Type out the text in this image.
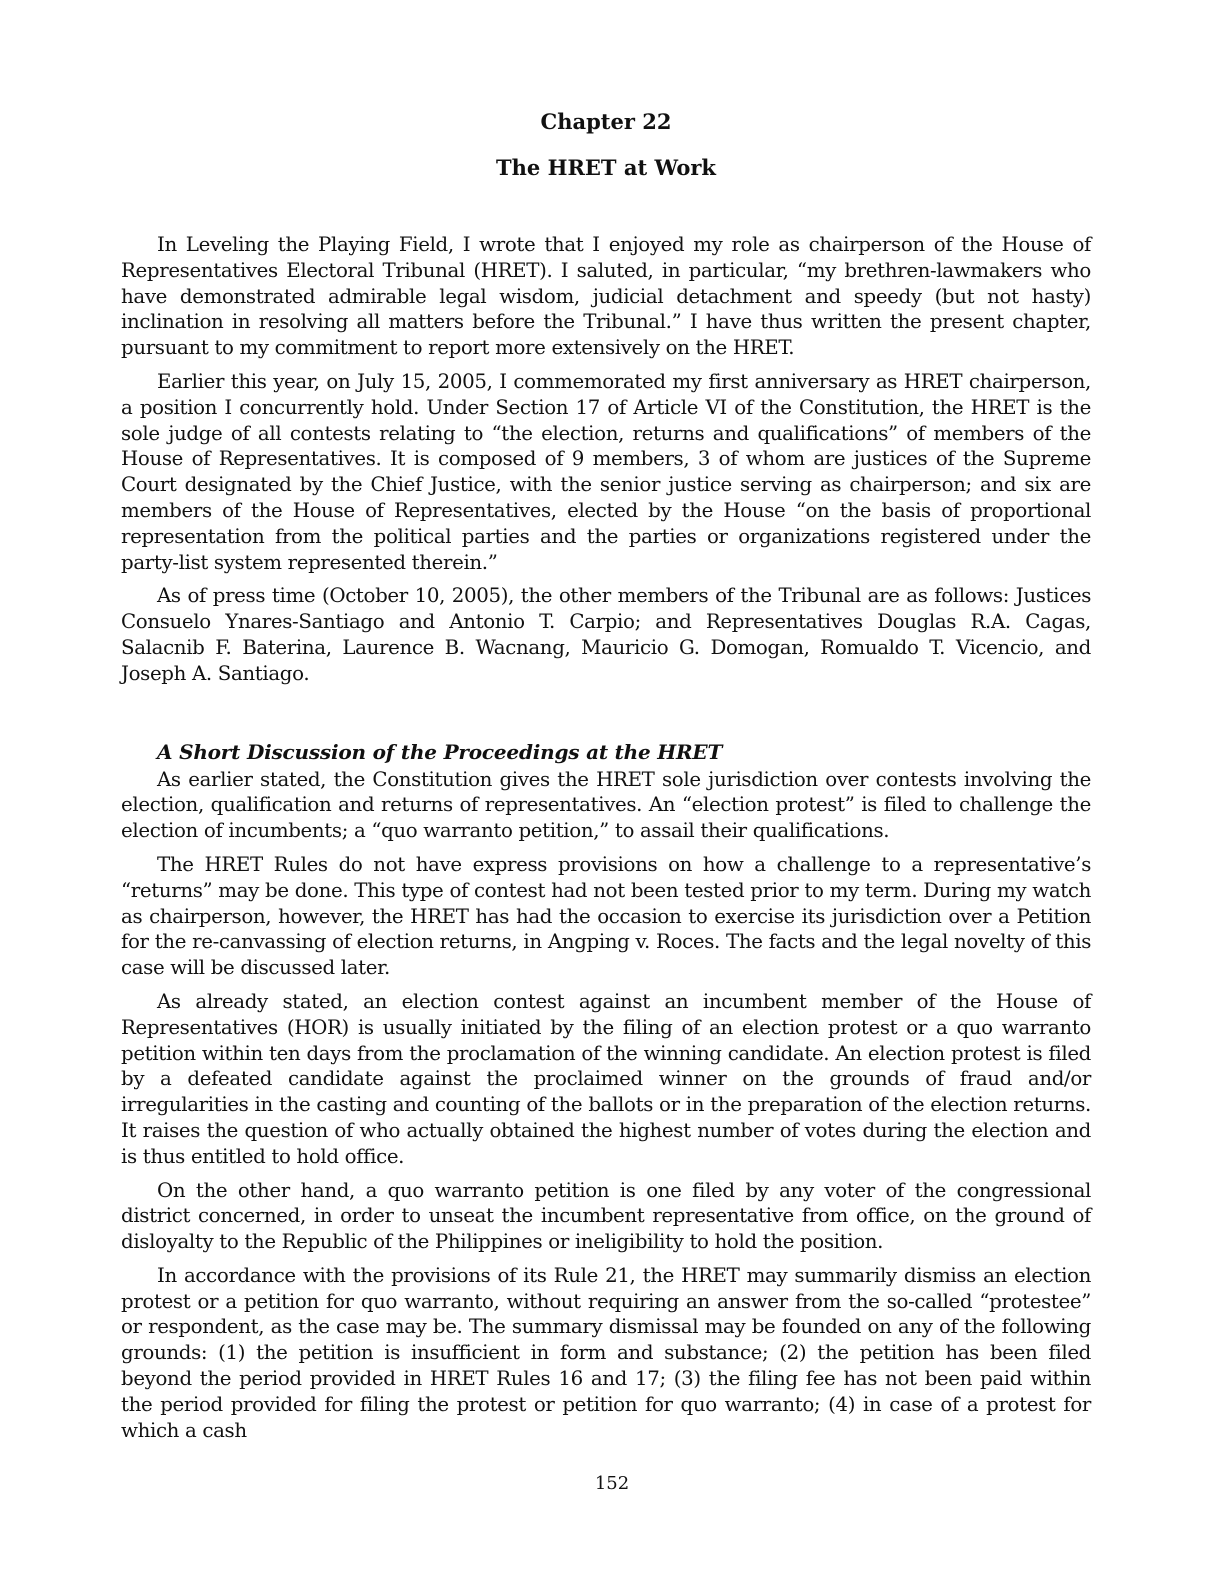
Chapter 22
The HRET at Work

In Leveling the Playing Field, I wrote that I enjoyed my role as chairperson of the House of Representatives Electoral Tribunal (HRET). I saluted, in particular, “my brethren-lawmakers who have demonstrated admirable legal wisdom, judicial detachment and speedy (but not hasty) inclination in resolving all matters before the Tribunal.” I have thus written the present chapter, pursuant to my commitment to report more extensively on the HRET.

Earlier this year, on July 15, 2005, I commemorated my first anniversary as HRET chairperson, a position I concurrently hold. Under Section 17 of Article VI of the Constitution, the HRET is the sole judge of all contests relating to “the election, returns and qualifications” of members of the House of Representatives. It is composed of 9 members, 3 of whom are justices of the Supreme Court designated by the Chief Justice, with the senior justice serving as chairperson; and six are members of the House of Representatives, elected by the House “on the basis of proportional representation from the political parties and the parties or organizations registered under the party-list system represented therein.”

As of press time (October 10, 2005), the other members of the Tribunal are as follows: Justices Consuelo Ynares-Santiago and Antonio T. Carpio; and Representatives Douglas R.A. Cagas, Salacnib F. Baterina, Laurence B. Wacnang, Mauricio G. Domogan, Romualdo T. Vicencio, and Joseph A. Santiago.

A Short Discussion of the Proceedings at the HRET

As earlier stated, the Constitution gives the HRET sole jurisdiction over contests involving the election, qualification and returns of representatives. An “election protest” is filed to challenge the election of incumbents; a “quo warranto petition,” to assail their qualifications.

The HRET Rules do not have express provisions on how a challenge to a representative’s “returns” may be done. This type of contest had not been tested prior to my term. During my watch as chairperson, however, the HRET has had the occasion to exercise its jurisdiction over a Petition for the re-canvassing of election returns, in Angping v. Roces. The facts and the legal novelty of this case will be discussed later.

As already stated, an election contest against an incumbent member of the House of Representatives (HOR) is usually initiated by the filing of an election protest or a quo warranto petition within ten days from the proclamation of the winning candidate. An election protest is filed by a defeated candidate against the proclaimed winner on the grounds of fraud and/or irregularities in the casting and counting of the ballots or in the preparation of the election returns. It raises the question of who actually obtained the highest number of votes during the election and is thus entitled to hold office.

On the other hand, a quo warranto petition is one filed by any voter of the congressional district concerned, in order to unseat the incumbent representative from office, on the ground of disloyalty to the Republic of the Philippines or ineligibility to hold the position.

In accordance with the provisions of its Rule 21, the HRET may summarily dismiss an election protest or a petition for quo warranto, without requiring an answer from the so-called “protestee” or respondent, as the case may be. The summary dismissal may be founded on any of the following grounds: (1) the petition is insufficient in form and substance; (2) the petition has been filed beyond the period provided in HRET Rules 16 and 17; (3) the filing fee has not been paid within the period provided for filing the protest or petition for quo warranto; (4) in case of a protest for which a cash

152
